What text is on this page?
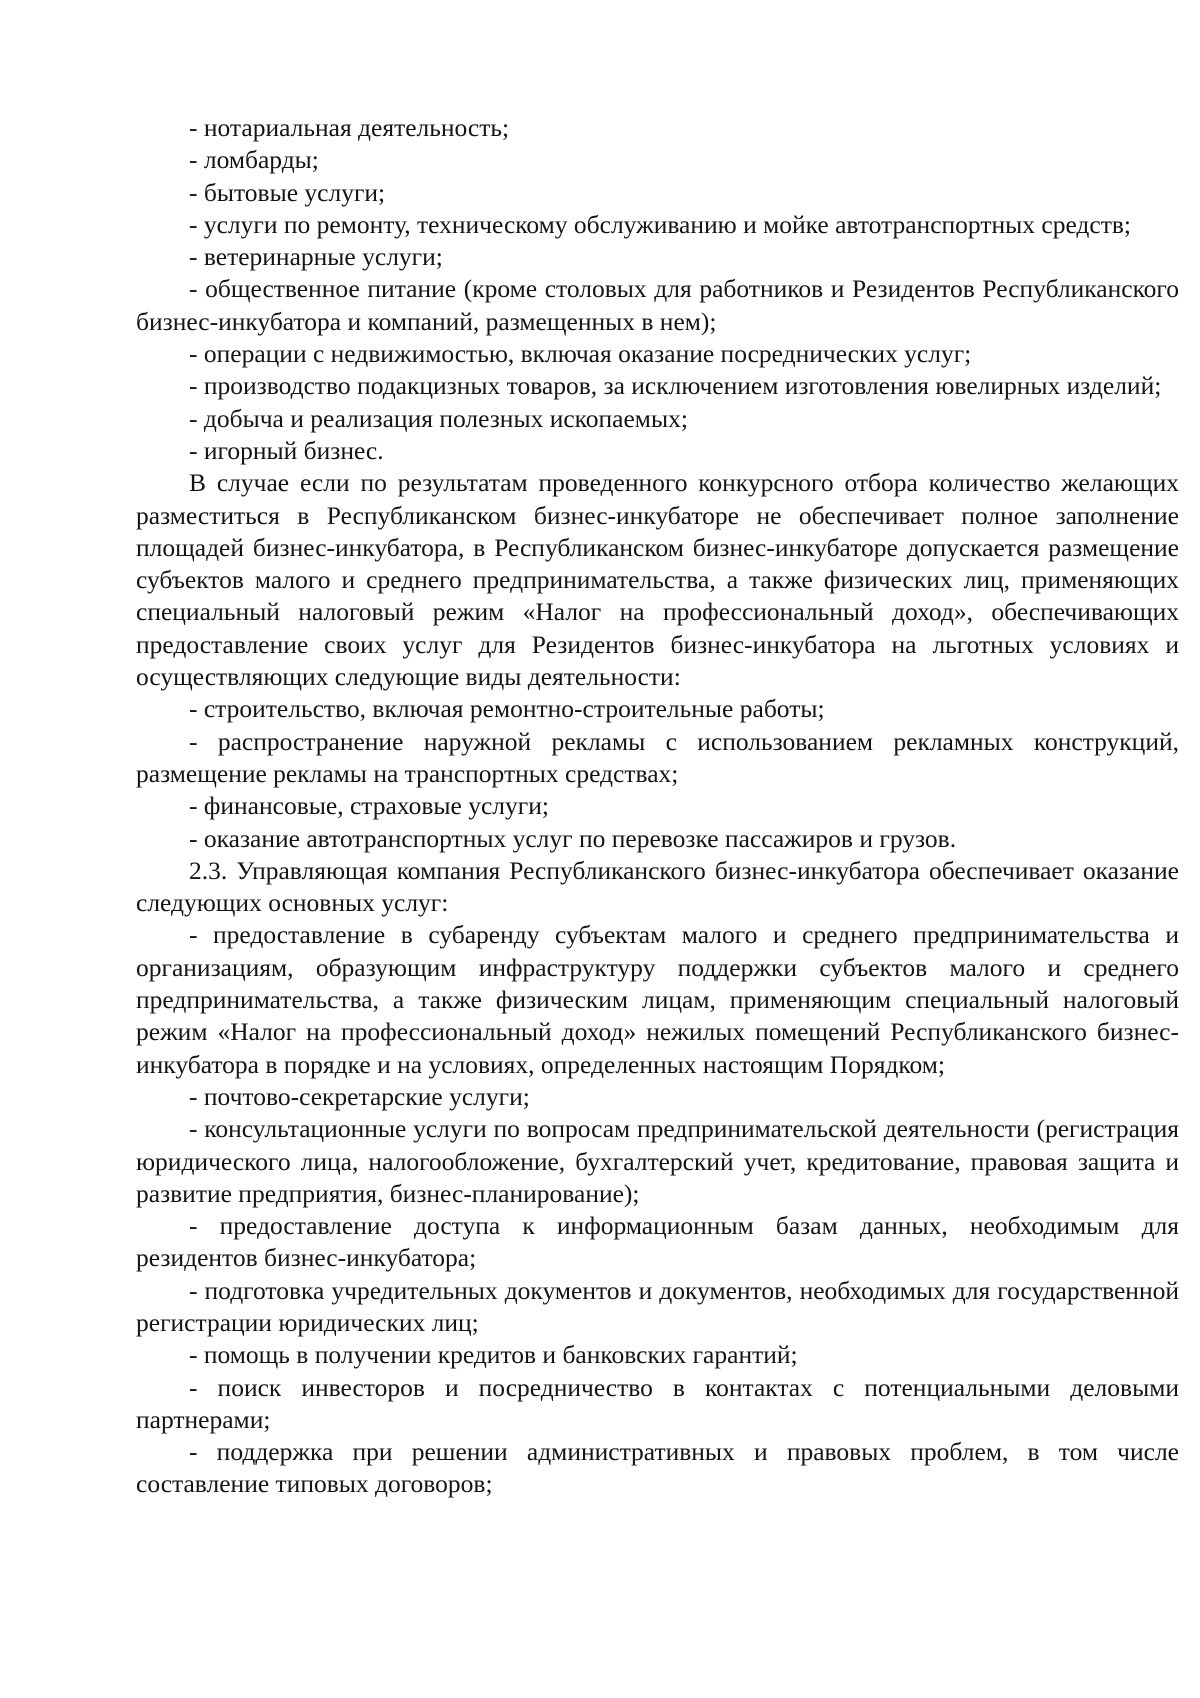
- нотариальная деятельность;

- ломбарды;

- бытовые услуги;

- услуги по ремонту, техническому обслуживанию и мойке автотранспортных средств;

- ветеринарные услуги;

- общественное питание (кроме столовых для работников и Резидентов Республиканского бизнес-инкубатора и компаний, размещенных в нем);

- операции с недвижимостью, включая оказание посреднических услуг;

- производство подакцизных товаров, за исключением изготовления ювелирных изделий;

- добыча и реализация полезных ископаемых;

- игорный бизнес.

В случае если по результатам проведенного конкурсного отбора количество желающих разместиться в Республиканском бизнес-инкубаторе не обеспечивает полное заполнение площадей бизнес-инкубатора, в Республиканском бизнес-инкубаторе допускается размещение субъектов малого и среднего предпринимательства, а также физических лиц, применяющих специальный налоговый режим «Налог на профессиональный доход», обеспечивающих предоставление своих услуг для Резидентов бизнес-инкубатора на льготных условиях и осуществляющих следующие виды деятельности:

- строительство, включая ремонтно-строительные работы;

- распространение наружной рекламы с использованием рекламных конструкций, размещение рекламы на транспортных средствах;

- финансовые, страховые услуги;

- оказание автотранспортных услуг по перевозке пассажиров и грузов.

2.3. Управляющая компания Республиканского бизнес-инкубатора обеспечивает оказание следующих основных услуг:

- предоставление в субаренду субъектам малого и среднего предпринимательства и организациям, образующим инфраструктуру поддержки субъектов малого и среднего предпринимательства, а также физическим лицам, применяющим специальный налоговый режим «Налог на профессиональный доход» нежилых помещений Республиканского бизнес-инкубатора в порядке и на условиях, определенных настоящим Порядком;

- почтово-секретарские услуги;

- консультационные услуги по вопросам предпринимательской деятельности (регистрация юридического лица, налогообложение, бухгалтерский учет, кредитование, правовая защита и развитие предприятия, бизнес-планирование);

- предоставление доступа к информационным базам данных, необходимым для резидентов бизнес-инкубатора;

- подготовка учредительных документов и документов, необходимых для государственной регистрации юридических лиц;

- помощь в получении кредитов и банковских гарантий;

- поиск инвесторов и посредничество в контактах с потенциальными деловыми партнерами;

- поддержка при решении административных и правовых проблем, в том числе составление типовых договоров;
